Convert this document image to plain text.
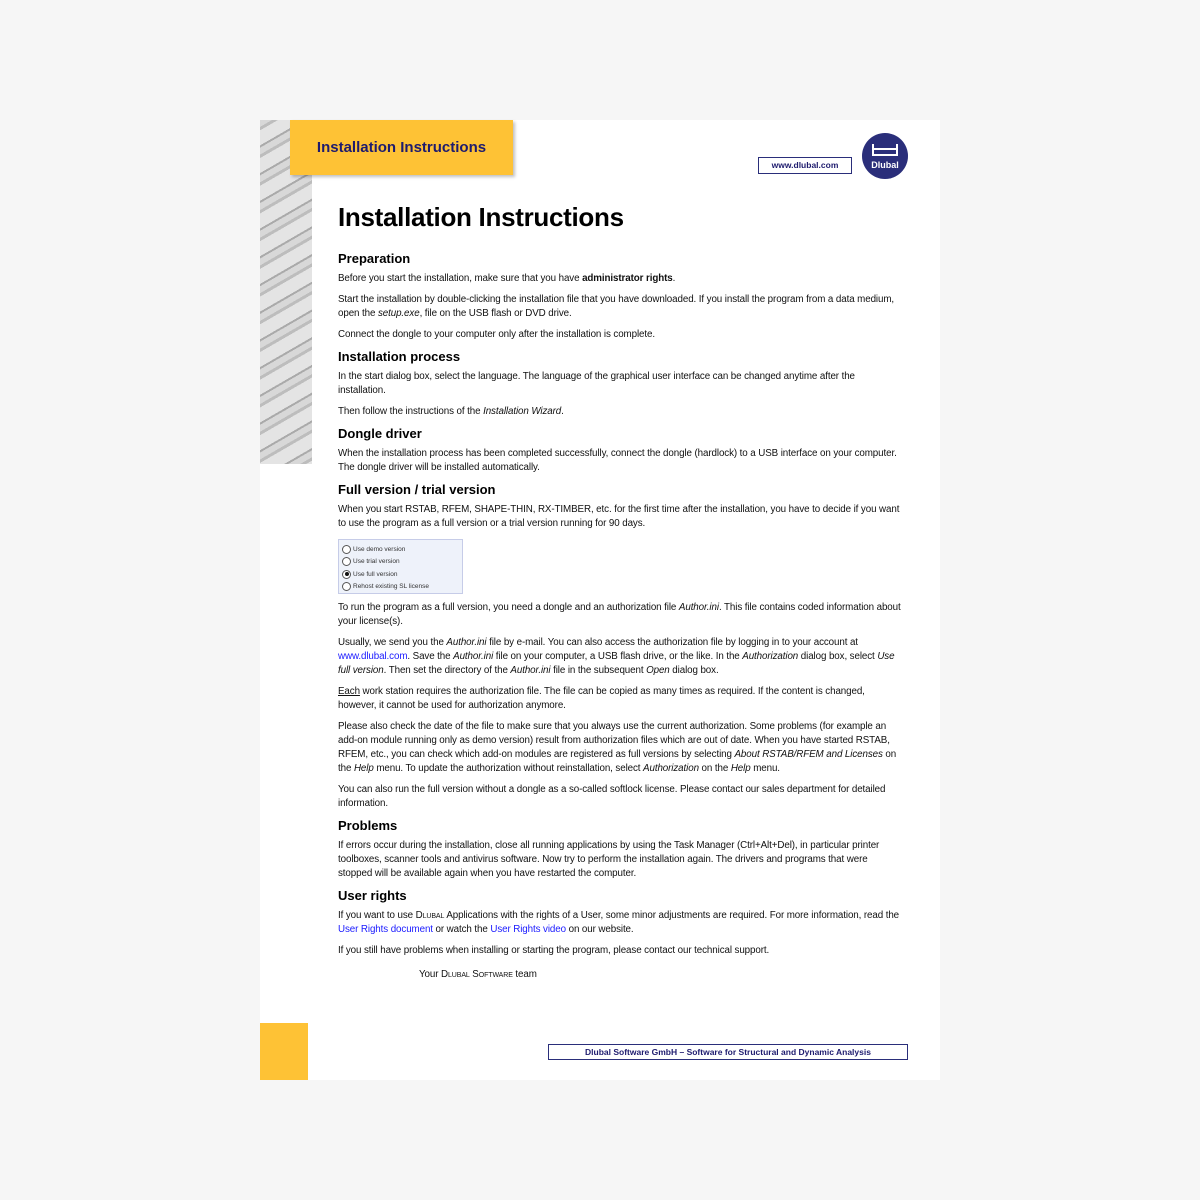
Installation Instructions
www.dlubal.com	Dlubal
Installation Instructions
Preparation

Before you start the installation, make sure that you have administrator rights.

Start the installation by double-clicking the installation file that you have downloaded. If you install the program from a data medium, open the setup.exe, file on the USB flash or DVD drive.

Connect the dongle to your computer only after the installation is complete.

Installation process

In the start dialog box, select the language. The language of the graphical user interface can be changed anytime after the installation.

Then follow the instructions of the Installation Wizard.

Dongle driver

When the installation process has been completed successfully, connect the dongle (hardlock) to a USB interface on your computer. The dongle driver will be installed automatically.

Full version / trial version

When you start RSTAB, RFEM, SHAPE-THIN, RX-TIMBER, etc. for the first time after the installation, you have to decide if you want to use the program as a full version or a trial version running for 90 days.

Use demo version
Use trial version
Use full version
Rehost existing SL license

To run the program as a full version, you need a dongle and an authorization file Author.ini. This file contains coded information about your license(s).

Usually, we send you the Author.ini file by e-mail. You can also access the authorization file by logging in to your account at www.dlubal.com. Save the Author.ini file on your computer, a USB flash drive, or the like. In the Authorization dialog box, select Use full version. Then set the directory of the Author.ini file in the subsequent Open dialog box.

Each work station requires the authorization file. The file can be copied as many times as required. If the content is changed, however, it cannot be used for authorization anymore.

Please also check the date of the file to make sure that you always use the current authorization. Some problems (for example an add-on module running only as demo version) result from authorization files which are out of date. When you have started RSTAB, RFEM, etc., you can check which add-on modules are registered as full versions by selecting About RSTAB/RFEM and Licenses on the Help menu. To update the authorization without reinstallation, select Authorization on the Help menu.

You can also run the full version without a dongle as a so-called softlock license. Please contact our sales department for detailed information.

Problems

If errors occur during the installation, close all running applications by using the Task Manager (Ctrl+Alt+Del), in particular printer toolboxes, scanner tools and antivirus software. Now try to perform the installation again. The drivers and programs that were stopped will be available again when you have restarted the computer.

User rights

If you want to use Dlubal Applications with the rights of a User, some minor adjustments are required. For more information, read the User Rights document or watch the User Rights video on our website.

If you still have problems when installing or starting the program, please contact our technical support.

Your Dlubal Software team

Dlubal Software GmbH – Software for Structural and Dynamic Analysis
